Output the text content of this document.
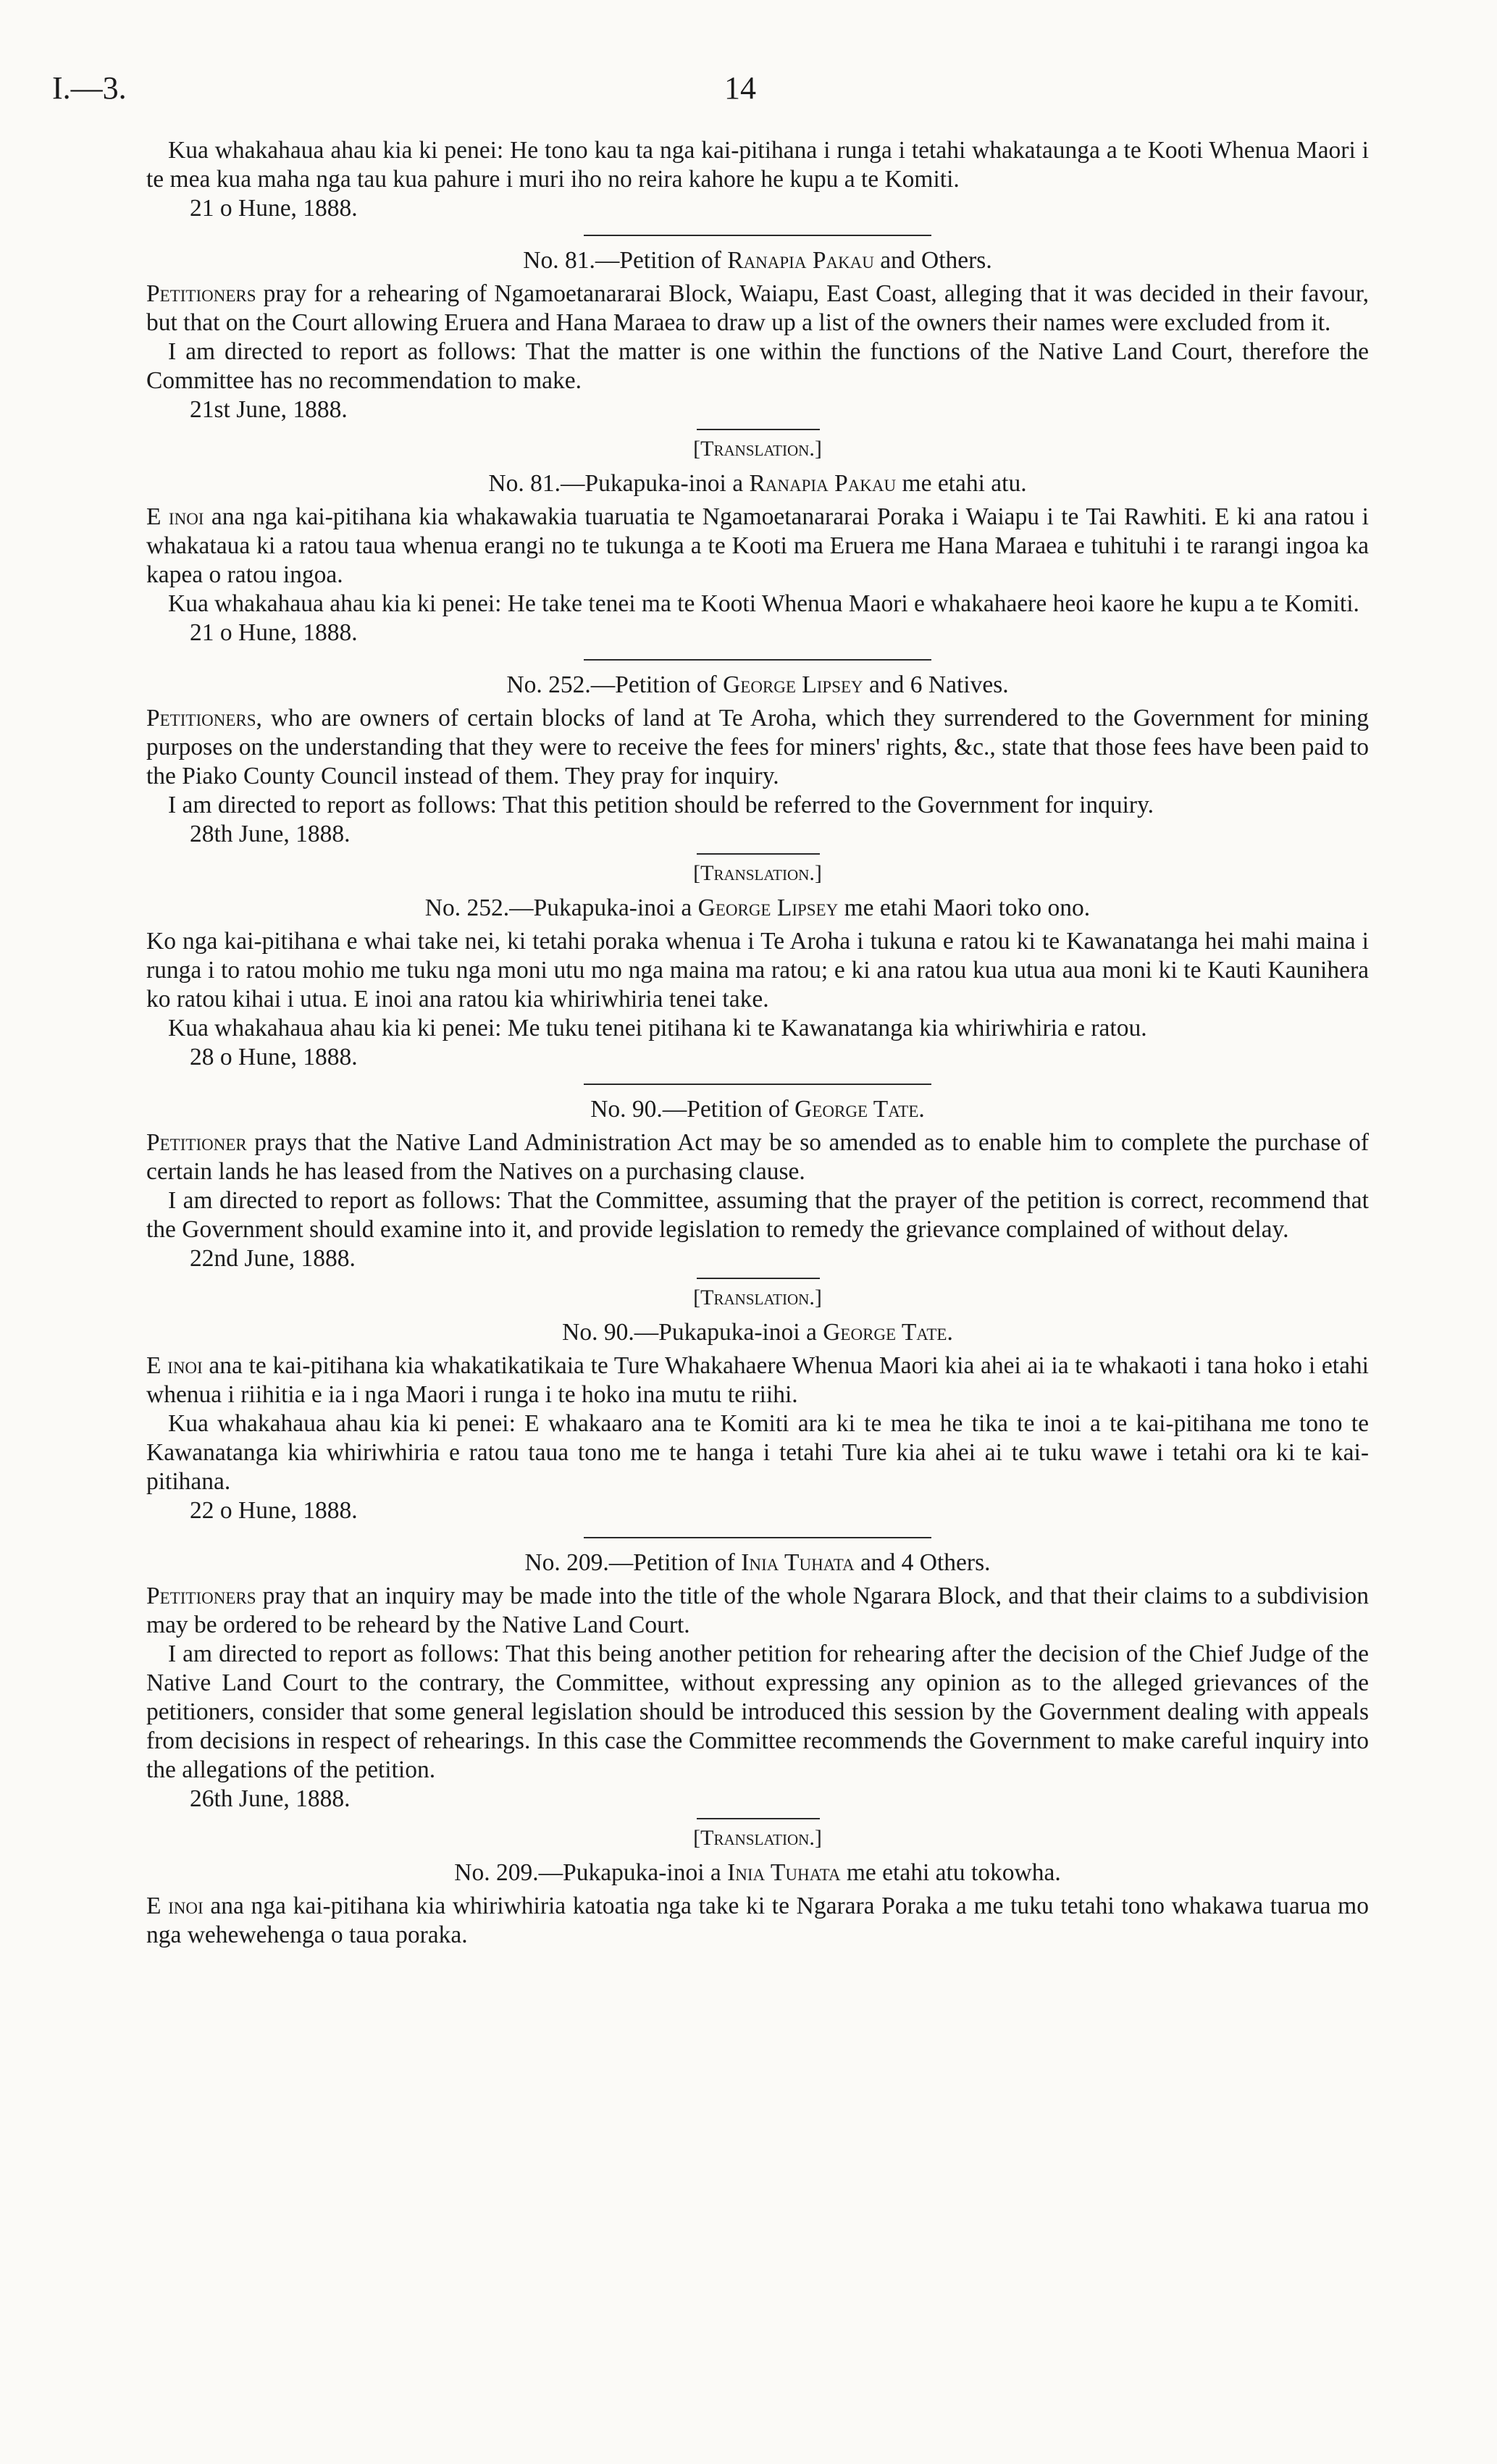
I.—3.	14

Kua whakahaua ahau kia ki penei: He tono kau ta nga kai-pitihana i runga i tetahi whakataunga a te Kooti Whenua Maori i te mea kua maha nga tau kua pahure i muri iho no reira kahore he kupu a te Komiti.

21 o Hune, 1888.

No. 81.—Petition of Ranapia Pakau and Others.

Petitioners pray for a rehearing of Ngamoetanararai Block, Waiapu, East Coast, alleging that it was decided in their favour, but that on the Court allowing Eruera and Hana Maraea to draw up a list of the owners their names were excluded from it.

I am directed to report as follows: That the matter is one within the functions of the Native Land Court, therefore the Committee has no recommendation to make.

21st June, 1888.

[Translation.]

No. 81.—Pukapuka-inoi a Ranapia Pakau me etahi atu.

E inoi ana nga kai-pitihana kia whakawakia tuaruatia te Ngamoetanararai Poraka i Waiapu i te Tai Rawhiti. E ki ana ratou i whakataua ki a ratou taua whenua erangi no te tukunga a te Kooti ma Eruera me Hana Maraea e tuhituhi i te rarangi ingoa ka kapea o ratou ingoa.

Kua whakahaua ahau kia ki penei: He take tenei ma te Kooti Whenua Maori e whakahaere heoi kaore he kupu a te Komiti.

21 o Hune, 1888.

No. 252.—Petition of George Lipsey and 6 Natives.

Petitioners, who are owners of certain blocks of land at Te Aroha, which they surrendered to the Government for mining purposes on the understanding that they were to receive the fees for miners' rights, &c., state that those fees have been paid to the Piako County Council instead of them. They pray for inquiry.

I am directed to report as follows: That this petition should be referred to the Government for inquiry.

28th June, 1888.

[Translation.]

No. 252.—Pukapuka-inoi a George Lipsey me etahi Maori toko ono.

Ko nga kai-pitihana e whai take nei, ki tetahi poraka whenua i Te Aroha i tukuna e ratou ki te Kawanatanga hei mahi maina i runga i to ratou mohio me tuku nga moni utu mo nga maina ma ratou; e ki ana ratou kua utua aua moni ki te Kauti Kaunihera ko ratou kihai i utua. E inoi ana ratou kia whiriwhiria tenei take.

Kua whakahaua ahau kia ki penei: Me tuku tenei pitihana ki te Kawanatanga kia whiriwhiria e ratou.

28 o Hune, 1888.

No. 90.—Petition of George Tate.

Petitioner prays that the Native Land Administration Act may be so amended as to enable him to complete the purchase of certain lands he has leased from the Natives on a purchasing clause.

I am directed to report as follows: That the Committee, assuming that the prayer of the petition is correct, recommend that the Government should examine into it, and provide legislation to remedy the grievance complained of without delay.

22nd June, 1888.

[Translation.]

No. 90.—Pukapuka-inoi a George Tate.

E inoi ana te kai-pitihana kia whakatikatikaia te Ture Whakahaere Whenua Maori kia ahei ai ia te whakaoti i tana hoko i etahi whenua i riihitia e ia i nga Maori i runga i te hoko ina mutu te riihi.

Kua whakahaua ahau kia ki penei: E whakaaro ana te Komiti ara ki te mea he tika te inoi a te kai-pitihana me tono te Kawanatanga kia whiriwhiria e ratou taua tono me te hanga i tetahi Ture kia ahei ai te tuku wawe i tetahi ora ki te kai-pitihana.

22 o Hune, 1888.

No. 209.—Petition of Inia Tuhata and 4 Others.

Petitioners pray that an inquiry may be made into the title of the whole Ngarara Block, and that their claims to a subdivision may be ordered to be reheard by the Native Land Court.

I am directed to report as follows: That this being another petition for rehearing after the decision of the Chief Judge of the Native Land Court to the contrary, the Committee, without expressing any opinion as to the alleged grievances of the petitioners, consider that some general legislation should be introduced this session by the Government dealing with appeals from decisions in respect of rehearings. In this case the Committee recommends the Government to make careful inquiry into the allegations of the petition.

26th June, 1888.

[Translation.]

No. 209.—Pukapuka-inoi a Inia Tuhata me etahi atu tokowha.

E inoi ana nga kai-pitihana kia whiriwhiria katoatia nga take ki te Ngarara Poraka a me tuku tetahi tono whakawa tuarua mo nga wehewehenga o taua poraka.
